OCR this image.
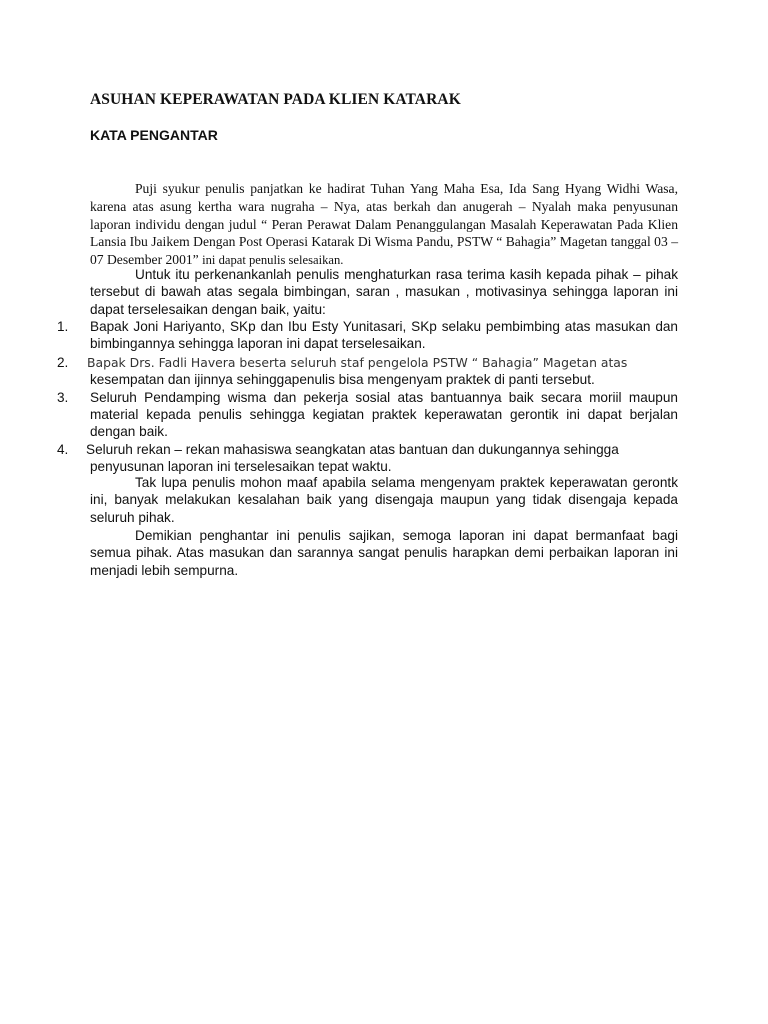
ASUHAN KEPERAWATAN PADA KLIEN KATARAK
KATA PENGANTAR
Puji syukur penulis panjatkan ke hadirat Tuhan Yang Maha Esa, Ida Sang Hyang Widhi Wasa, karena atas asung kertha wara nugraha – Nya, atas berkah dan anugerah – Nyalah maka penyusunan laporan individu dengan judul “ Peran Perawat Dalam Penanggulangan Masalah Keperawatan Pada Klien Lansia Ibu Jaikem Dengan Post Operasi Katarak Di Wisma Pandu, PSTW “ Bahagia” Magetan tanggal 03 – 07 Desember 2001” ini dapat penulis selesaikan.
Untuk itu perkenankanlah penulis menghaturkan rasa terima kasih kepada pihak – pihak tersebut di bawah atas segala bimbingan, saran , masukan , motivasinya sehingga laporan ini dapat terselesaikan dengan baik, yaitu:
1. Bapak Joni Hariyanto, SKp dan Ibu Esty Yunitasari, SKp selaku pembimbing atas masukan dan bimbingannya sehingga laporan ini dapat terselesaikan.
2. Bapak Drs. Fadli Havera beserta seluruh staf pengelola PSTW “ Bahagia” Magetan atas
kesempatan dan ijinnya sehinggapenulis bisa mengenyam praktek di panti tersebut.
3. Seluruh Pendamping wisma dan pekerja sosial atas bantuannya baik secara moriil maupun material kepada penulis sehingga kegiatan praktek keperawatan gerontik ini dapat berjalan dengan baik.
4. Seluruh rekan – rekan mahasiswa seangkatan atas bantuan dan dukungannya sehingga
penyusunan laporan ini terselesaikan tepat waktu.
Tak lupa penulis mohon maaf apabila selama mengenyam praktek keperawatan gerontk ini, banyak melakukan kesalahan baik yang disengaja maupun yang tidak disengaja kepada seluruh pihak.
Demikian penghantar ini penulis sajikan, semoga laporan ini dapat bermanfaat bagi semua pihak. Atas masukan dan sarannya sangat penulis harapkan demi perbaikan laporan ini menjadi lebih sempurna.
